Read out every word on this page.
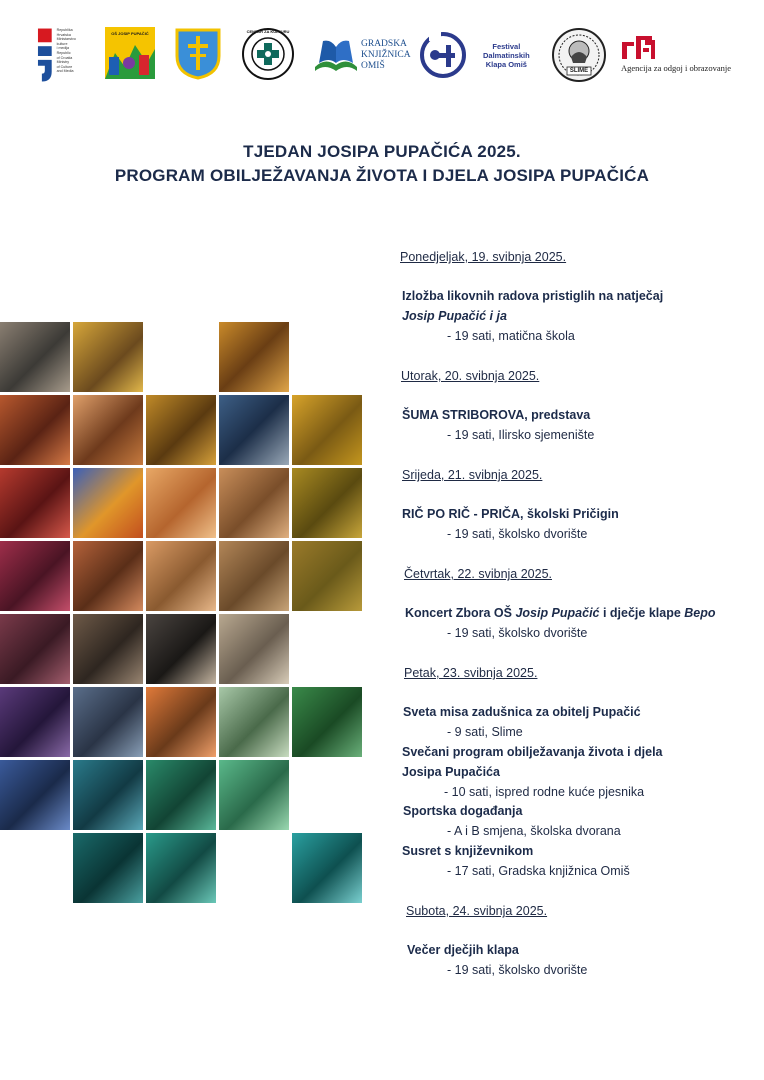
Republika
Hrvatska
Ministarstvo
kulture
i medija
Republic
of Croatia
Ministry
of Culture
and Media
OŠ JOSIP PUPAČIĆ	CENTAR ZA KULTURU
GRADSKA
KNJIŽNICA
OMIŠ
Festival
Dalmatinskih
Klapa Omiš
SLIME	Agencija za odgoj i obrazovanje
TJEDAN JOSIPA PUPAČIĆA 2025.
PROGRAM OBILJEŽAVANJA ŽIVOTA I DJELA JOSIPA PUPAČIĆA
Ponedjeljak, 19. svibnja 2025.
Izložba likovnih radova pristiglih na natječaj
Josip Pupačić i ja
- 19 sati, matična škola
Utorak, 20. svibnja 2025.
ŠUMA STRIBOROVA, predstava
- 19 sati, Ilirsko sjemenište
Srijeda, 21. svibnja 2025.
RIČ PO RIČ - PRIČA, školski Pričigin
- 19 sati, školsko dvorište
Četvrtak, 22. svibnja 2025.
Koncert Zbora OŠ Josip Pupačić i dječje klape Bepo
- 19 sati, školsko dvorište
Petak, 23. svibnja 2025.
Sveta misa zadušnica za obitelj Pupačić
- 9 sati, Slime
Svečani program obilježavanja života i djela
Josipa Pupačića
- 10 sati, ispred rodne kuće pjesnika
Sportska događanja
- A i B smjena, školska dvorana
Susret s književnikom
- 17 sati, Gradska knjižnica Omiš
Subota, 24. svibnja 2025.
Večer dječjih klapa
- 19 sati, školsko dvorište
